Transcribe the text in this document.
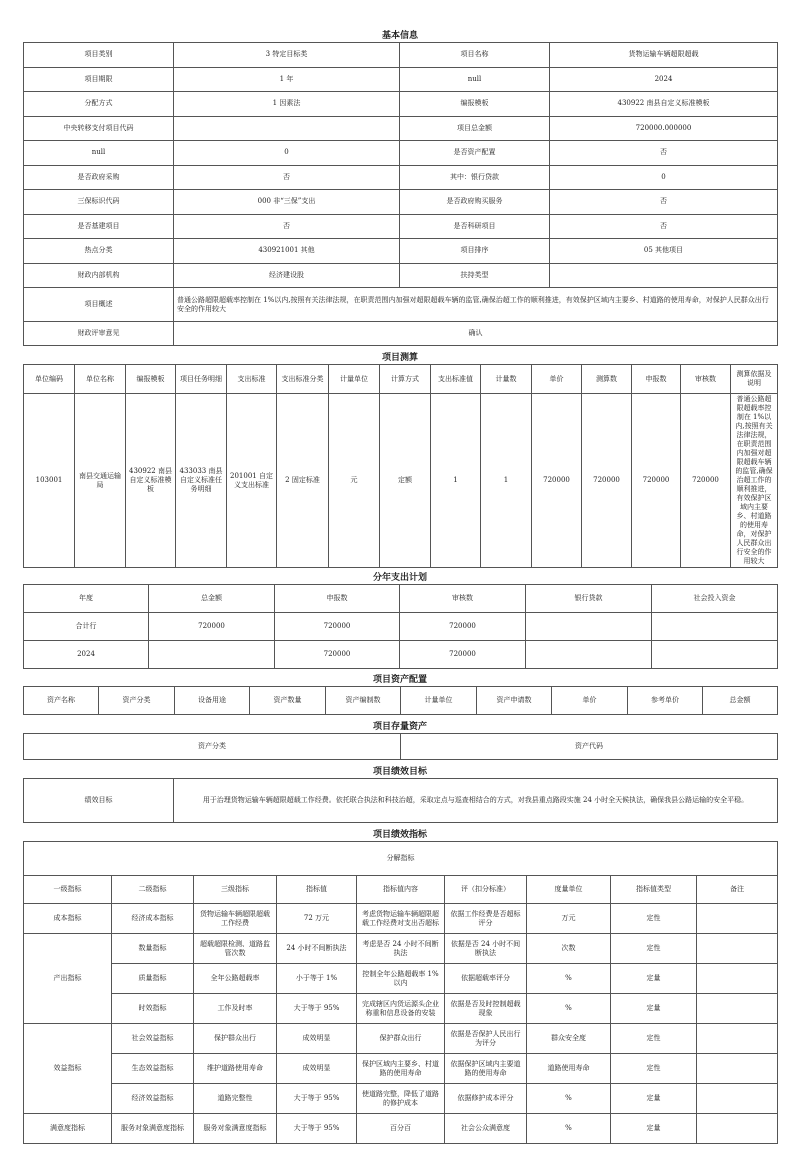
基本信息
项目类别	3 特定目标类	项目名称	货物运输车辆超限超载
项目期限	1 年	null	2024
分配方式	1 因素法	编报模板	430922 南县自定义标准模板
中央转移支付项目代码		项目总金额	720000.000000
null	0	是否资产配置	否
是否政府采购	否	其中：银行贷款	0
三保标识代码	000 非“三保”支出	是否政府购买服务	否
是否基建项目	否	是否科研项目	否
热点分类	430921001 其他	项目排序	05 其他项目
财政内部机构	经济建设股	扶持类型	
项目概述	普通公路超限超载率控制在 1%以内,按照有关法律法规，在职责范围内加强对超限超载车辆的监管,确保治超工作的顺利推进，有效保护区域内主要乡、村道路的使用寿命，对保护人民群众出行安全的作用较大		
财政评审意见	确认		
项目测算
单位编码	单位名称	编报模板	项目任务明细	支出标准	支出标准分类	计量单位	计算方式	支出标准值	计量数	单价	测算数	申报数	审核数	测算依据及说明
103001	南县交通运输局	430922 南县自定义标准模板	433033 南县自定义标准任务明细	201001 自定义支出标准	2 固定标准	元	定额	1	1	720000	720000	720000	720000	普通公路超限超载率控制在 1%以内,按照有关法律法规，在职责范围内加强对超限超载车辆的监管,确保治超工作的顺利推进，有效保护区域内主要乡、村道路的使用寿命，对保护人民群众出行安全的作用较大
分年支出计划
年度	总金额	申报数	审核数	银行贷款	社会投入资金
合计行	720000	720000	720000		
2024		720000	720000		
项目资产配置
资产名称	资产分类	设备用途	资产数量	资产编制数	计量单位	资产申请数	单价	参考单价	总金额
项目存量资产
资产分类	资产代码
项目绩效目标
绩效目标	用于治理货物运输车辆超限超载工作经费。依托联合执法和科技治超，采取定点与巡查相结合的方式，对我县重点路段实施 24 小时全天候执法，确保我县公路运输的安全平稳。
项目绩效指标
分解指标								
一级指标	二级指标	三级指标	指标值	指标值内容	评（扣分标准）	度量单位	指标值类型	备注
成本指标	经济成本指标	货物运输车辆超限超载工作经费	72 万元	考虑货物运输车辆超限超载工作经费对支出否超标	依据工作经费是否超标评分	万元	定性	
产出指标	数量指标	超载超限检测、道路监管次数	24 小时不间断执法	考虑是否 24 小时不间断执法	依据是否 24 小时不间断执法	次数	定性	
	质量指标	全年公路超载率	小于等于 1%	控制全年公路超载率 1%以内	依据超载率评分	%	定量	
	时效指标	工作及时率	大于等于 95%	完成辖区内货运源头企业称重和信息设备的安装	依据是否及时控制超载现象	%	定量	
效益指标	社会效益指标	保护群众出行	成效明显	保护群众出行	依据是否保护人民出行为评分	群众安全度	定性	
	生态效益指标	维护道路使用寿命	成效明显	保护区域内主要乡、村道路的使用寿命	依据保护区域内主要道路的使用寿命	道路使用寿命	定性	
	经济效益指标	道路完整性	大于等于 95%	使道路完整，降低了道路的修护成本	依据修护成本评分	%	定量	
满意度指标	服务对象满意度指标	服务对象满意度指标	大于等于 95%	百分百	社会公众满意度	%	定量	
